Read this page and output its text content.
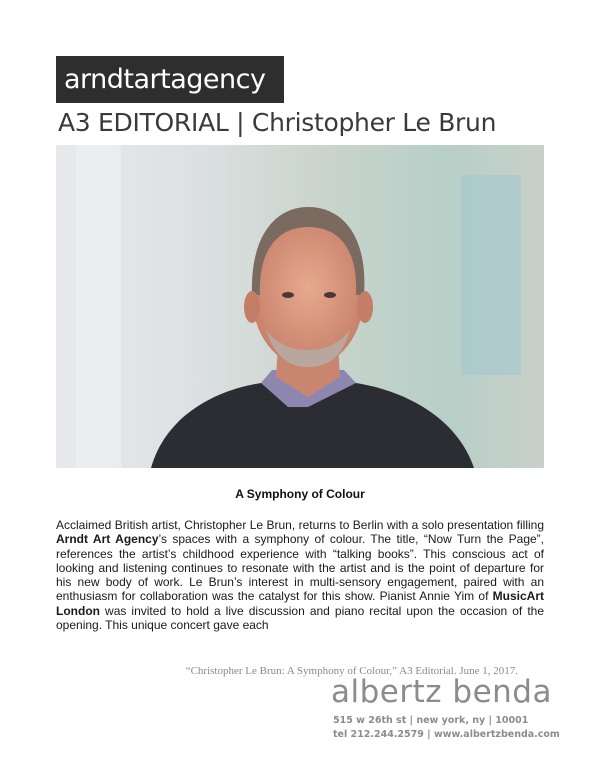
arndtartagency
A3 EDITORIAL | Christopher Le Brun
A Symphony of Colour
Acclaimed British artist, Christopher Le Brun, returns to Berlin with a solo presentation filling Arndt Art Agency’s spaces with a symphony of colour. The title, “Now Turn the Page”, references the artist’s childhood experience with “talking books”. This conscious act of looking and listening continues to resonate with the artist and is the point of departure for his new body of work. Le Brun’s interest in multi-sensory engagement, paired with an enthusiasm for collaboration was the catalyst for this show. Pianist Annie Yim of MusicArt London was invited to hold a live discussion and piano recital upon the occasion of the opening. This unique concert gave each
“Christopher Le Brun: A Symphony of Colour,” A3 Editorial. June 1, 2017.
albertz benda
515 w 26th st | new york, ny | 10001
tel 212.244.2579 | www.albertzbenda.com
